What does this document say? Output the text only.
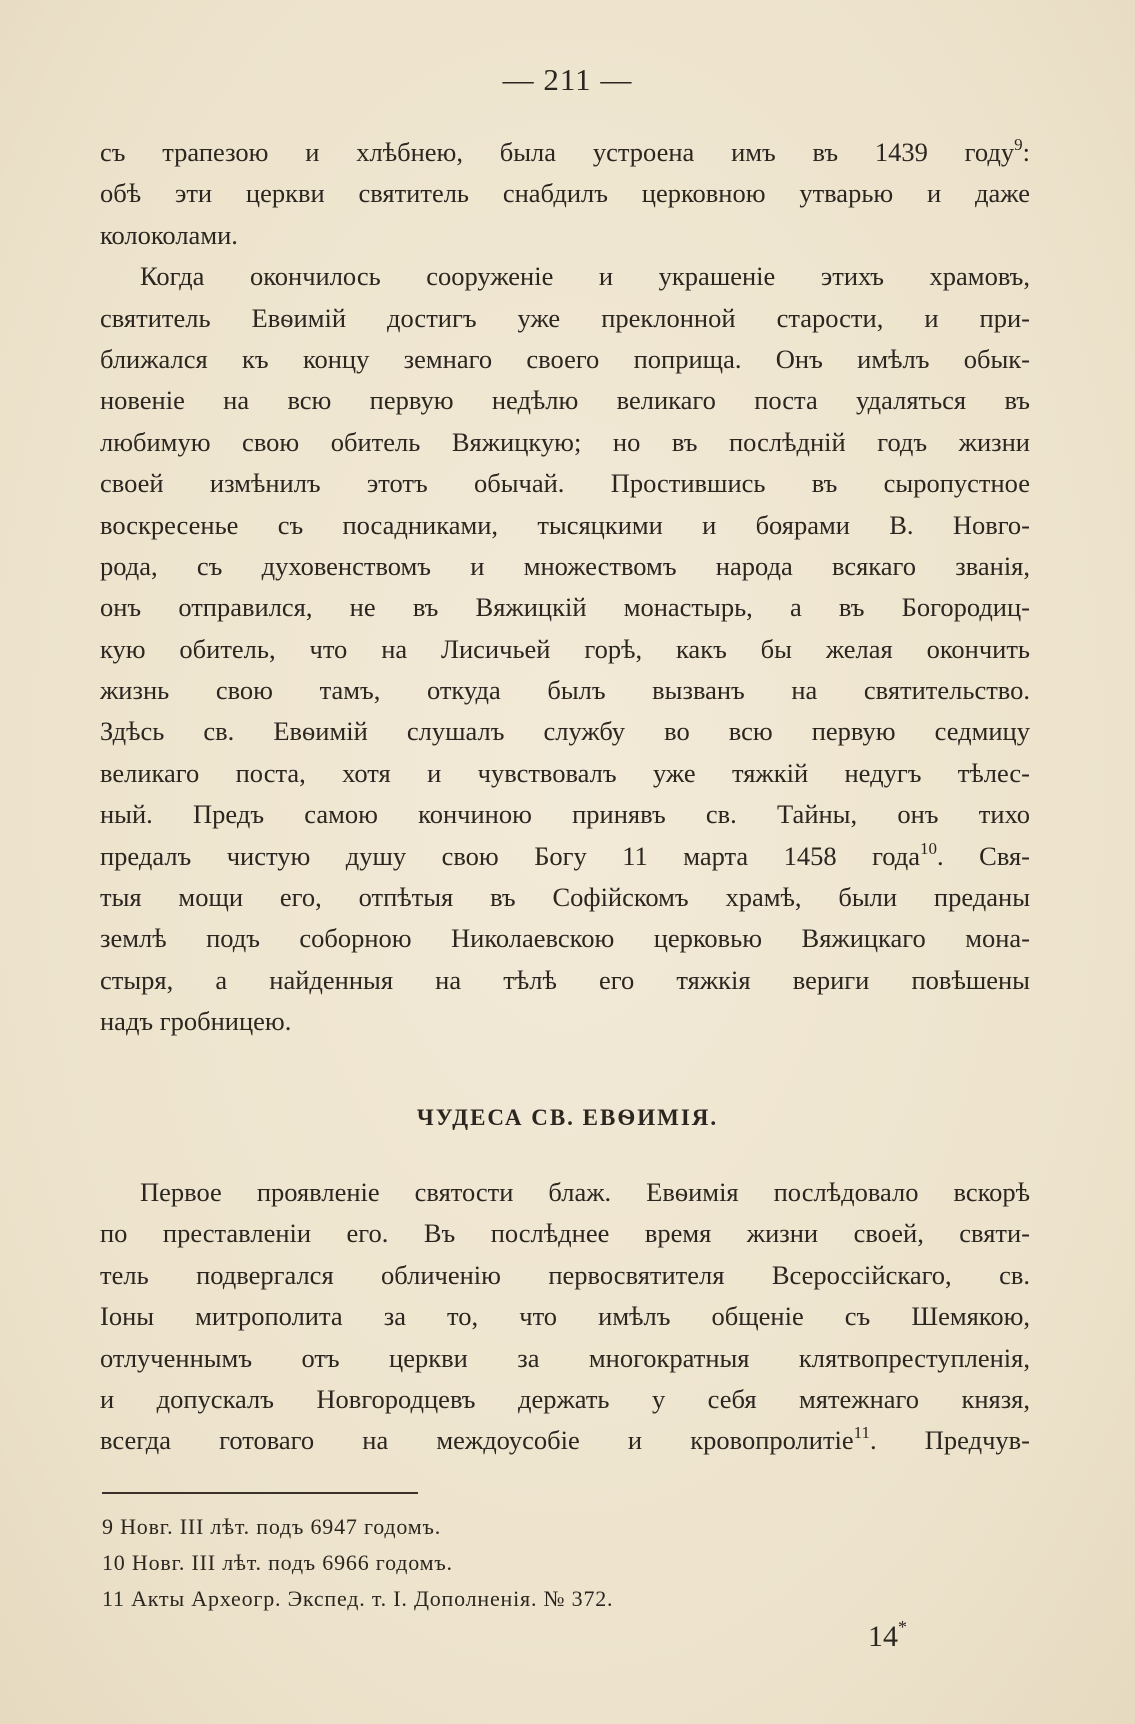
— 211 —
съ трапезою и хлѣбнею, была устроена имъ въ 1439 году$^9$:
обѣ эти церкви святитель снабдилъ церковною утварью и даже
колоколами.
Когда окончилось сооруженіе и украшеніе этихъ храмовъ,
святитель Евѳимій достигъ уже преклонной старости, и при-
ближался къ концу земнаго своего поприща. Онъ имѣлъ обык-
новеніе на всю первую недѣлю великаго поста удаляться въ
любимую свою обитель Вяжицкую; но въ послѣдній годъ жизни
своей измѣнилъ этотъ обычай. Простившись въ сыропустное
воскресенье съ посадниками, тысяцкими и боярами В. Новго-
рода, съ духовенствомъ и множествомъ народа всякаго званія,
онъ отправился, не въ Вяжицкій монастырь, а въ Богородиц-
кую обитель, что на Лисичьей горѣ, какъ бы желая окончить
жизнь свою тамъ, откуда былъ вызванъ на святительство.
Здѣсь св. Евѳимій слушалъ службу во всю первую седмицу
великаго поста, хотя и чувствовалъ уже тяжкій недугъ тѣлес-
ный. Предъ самою кончиною принявъ св. Тайны, онъ тихо
предалъ чистую душу свою Богу 11 марта 1458 года$^{10}$. Свя-
тыя мощи его, отпѣтыя въ Софійскомъ храмѣ, были преданы
землѣ подъ соборною Николаевскою церковью Вяжицкаго мона-
стыря, а найденныя на тѣлѣ его тяжкія вериги повѣшены
надъ гробницею.
ЧУДЕСА СВ. ЕВѲИМІЯ.
Первое проявленіе святости блаж. Евѳимія послѣдовало вскорѣ
по преставленіи его. Въ послѣднее время жизни своей, святи-
тель подвергался обличенію первосвятителя Всероссійскаго, св.
Іоны митрополита за то, что имѣлъ общеніе съ Шемякою,
отлученнымъ отъ церкви за многократныя клятвопреступленія,
и допускалъ Новгородцевъ держать у себя мятежнаго князя,
всегда готоваго на междоусобіе и кровопролитіе$^{11}$. Предчув-
9 Новг. III лѣт. подъ 6947 годомъ.
10 Новг. III лѣт. подъ 6966 годомъ.
11 Акты Археогр. Экспед. т. I. Дополненія. № 372.
14*
